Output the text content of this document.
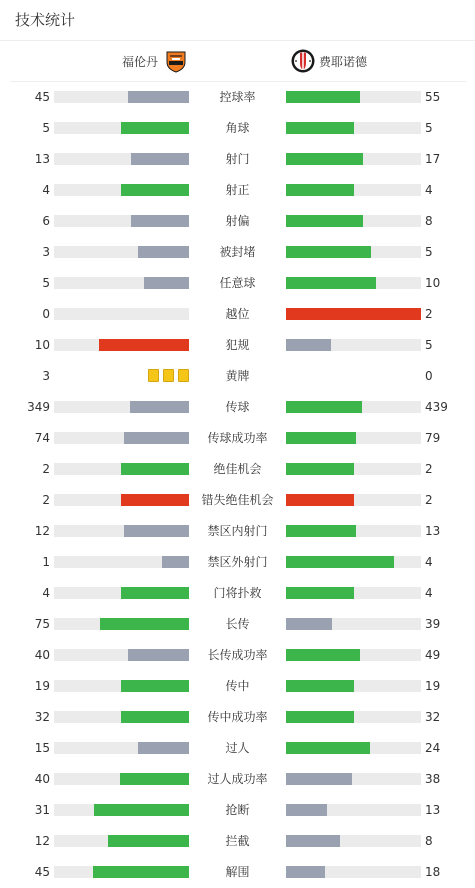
技术统计
福伦丹	费耶诺德
45	控球率	55
5	角球	5
13	射门	17
4	射正	4
6	射偏	8
3	被封堵	5
5	任意球	10
0	越位	2
10	犯规	5
3	黄牌	0
349	传球	439
74	传球成功率	79
2	绝佳机会	2
2	错失绝佳机会	2
12	禁区内射门	13
1	禁区外射门	4
4	门将扑救	4
75	长传	39
40	长传成功率	49
19	传中	19
32	传中成功率	32
15	过人	24
40	过人成功率	38
31	抢断	13
12	拦截	8
45	解围	18
